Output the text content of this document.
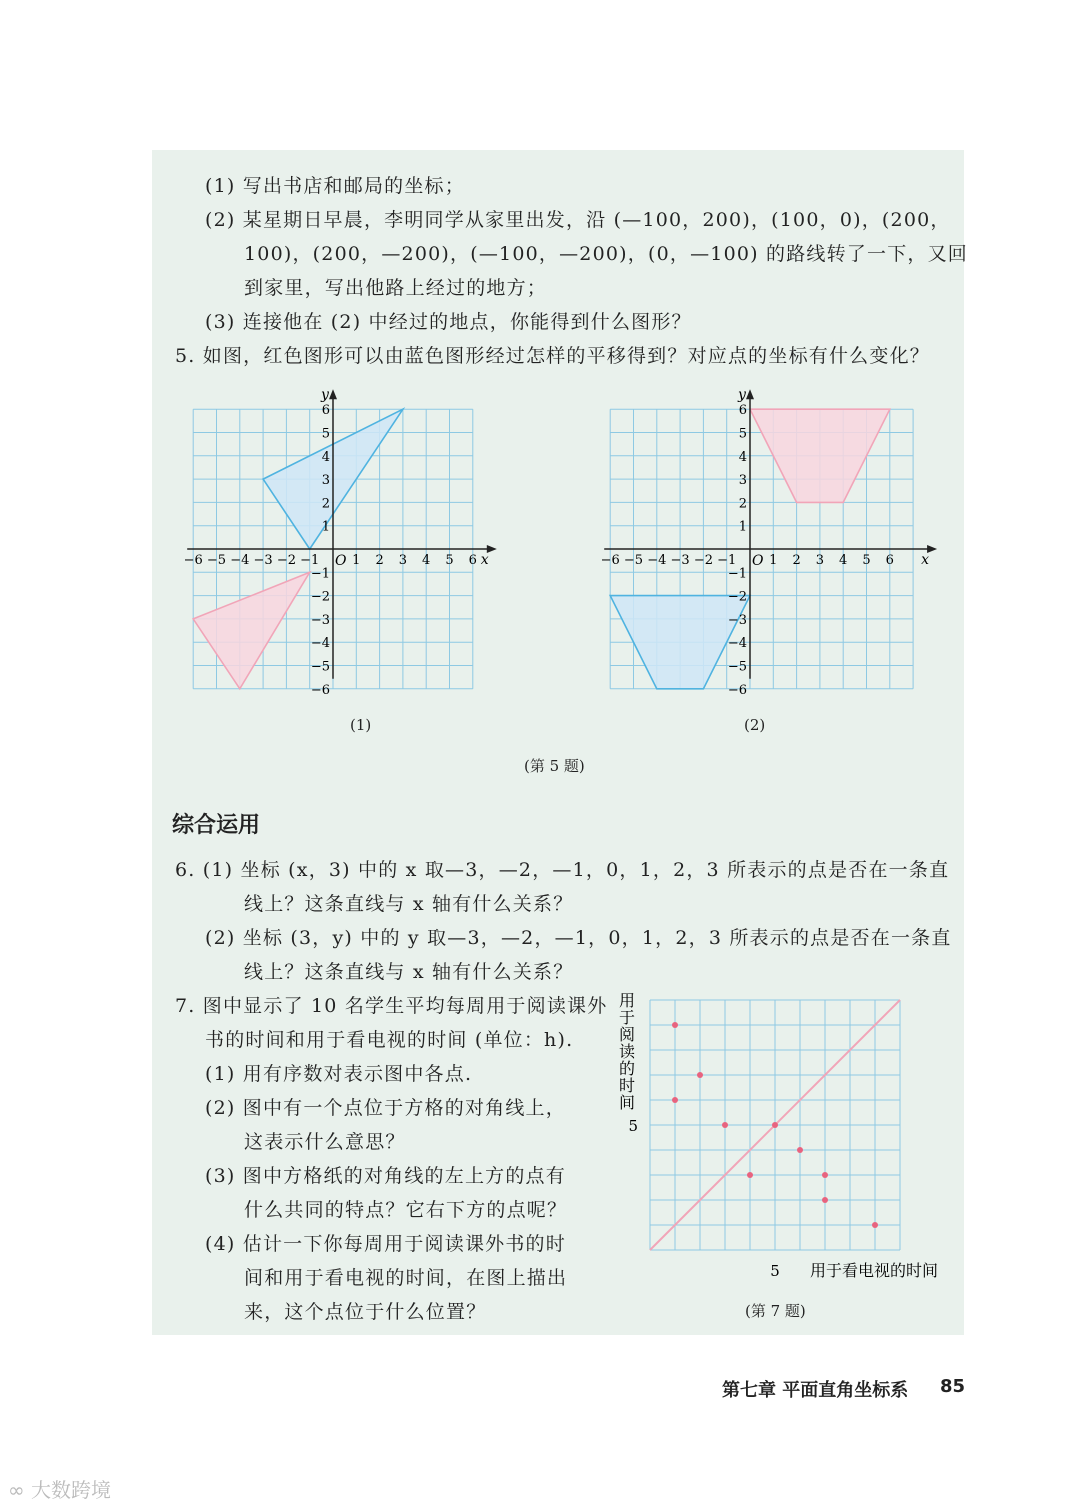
(1) 写出书店和邮局的坐标；
(2) 某星期日早晨，李明同学从家里出发，沿 (—100，200)，(100，0)，(200，
100)，(200，—200)，(—100，—200)，(0，—100) 的路线转了一下，又回
到家里，写出他路上经过的地方；
(3) 连接他在 (2) 中经过的地点，你能得到什么图形？
5. 如图，红色图形可以由蓝色图形经过怎样的平移得到？对应点的坐标有什么变化？
x
y
O
−6 −5 −4 −3 −2 −1	1 2 3 4 5 6
−6
−5
−4
−3
−2
−1
1
2
3
4
5
6
(1)
x
y
O
−6 −5 −4 −3 −2 −1	1 2 3 4 5 6
−6
−5
−4
−3
−2
−1
1
2
3
4
5
6
(2)
(第 5 题)
综合运用
6. (1) 坐标 (x，3) 中的 x 取—3，—2，—1，0，1，2，3 所表示的点是否在一条直
线上？这条直线与 x 轴有什么关系？
(2) 坐标 (3，y) 中的 y 取—3，—2，—1，0，1，2，3 所表示的点是否在一条直
线上？这条直线与 x 轴有什么关系？
7. 图中显示了 10 名学生平均每周用于阅读课外
书的时间和用于看电视的时间 (单位：h).
(1) 用有序数对表示图中各点.
(2) 图中有一个点位于方格的对角线上，
这表示什么意思？
(3) 图中方格纸的对角线的左上方的点有
什么共同的特点？它右下方的点呢？
(4) 估计一下你每周用于阅读课外书的时
间和用于看电视的时间，在图上描出
来，这个点位于什么位置？
5
5
用于看电视的时间
用于阅读的时间
(第 7 题)
第七章 平面直角坐标系 85
∞ 大数跨境
